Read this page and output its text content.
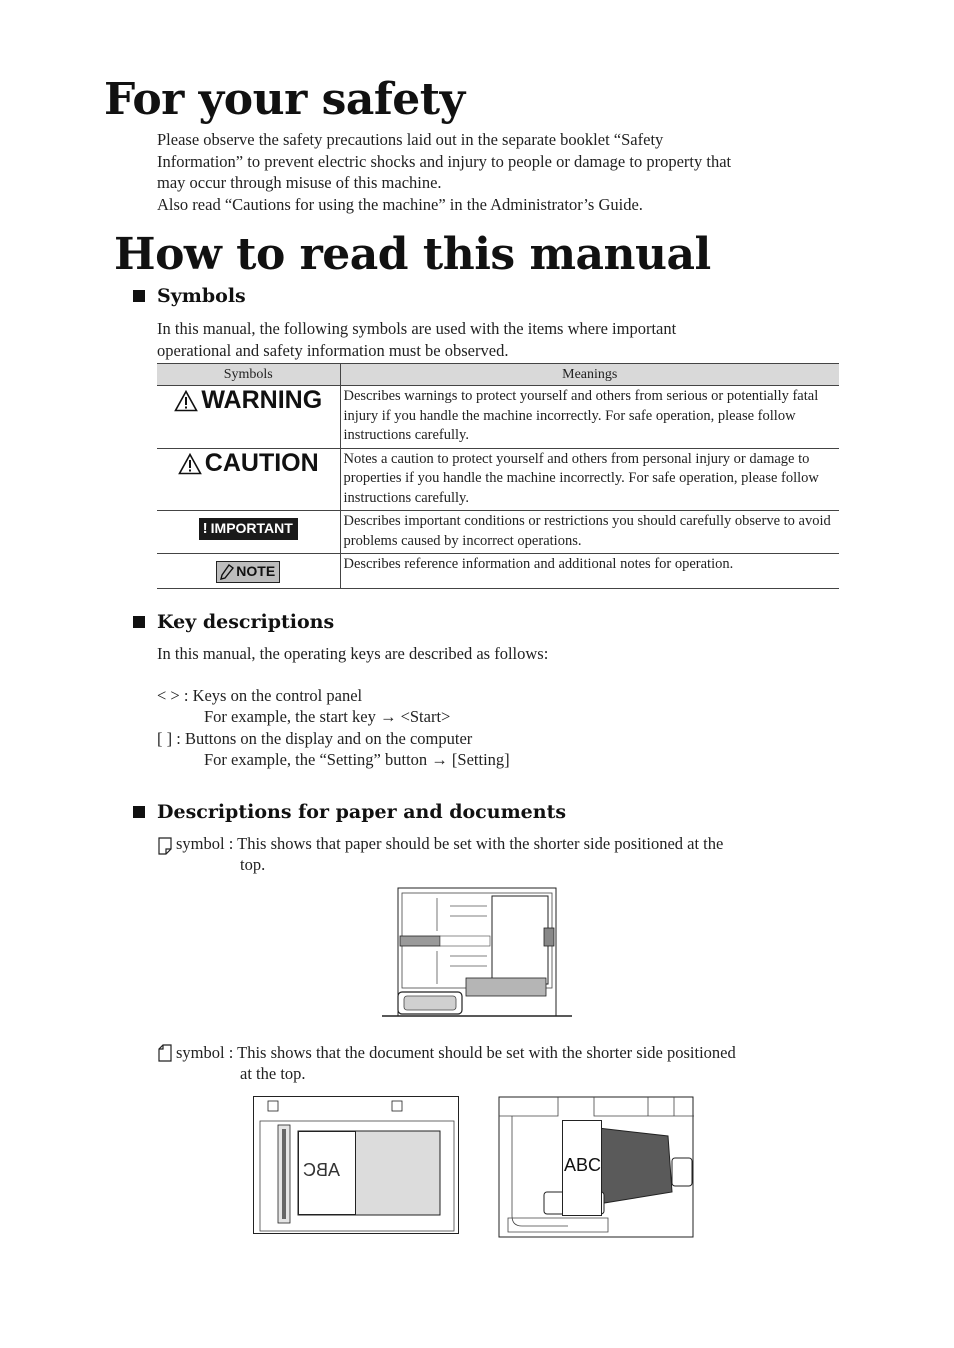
For your safety
Please observe the safety precautions laid out in the separate booklet “Safety
Information” to prevent electric shocks and injury to people or damage to property that
may occur through misuse of this machine.
Also read “Cautions for using the machine” in the Administrator’s Guide.
How to read this manual
Symbols
In this manual, the following symbols are used with the items where important
operational and safety information must be observed.
Symbols	Meanings

WARNING	Describes warnings to protect yourself and others from serious or potentially fatal injury if you handle the machine incorrectly. For safe operation, please follow instructions carefully.

CAUTION	Notes a caution to protect yourself and others from personal injury or damage to properties if you handle the machine incorrectly. For safe operation, please follow instructions carefully.

! IMPORTANT	Describes important conditions or restrictions you should carefully observe to avoid problems caused by incorrect operations.

NOTE	Describes reference information and additional notes for operation.
Key descriptions
In this manual, the operating keys are described as follows:
< > : Keys on the control panel
For example, the start key → <Start>
[ ] : Buttons on the display and on the computer
For example, the “Setting” button → [Setting]
Descriptions for paper and documents
symbol : This shows that paper should be set with the shorter side positioned at the
top.
symbol : This shows that the document should be set with the shorter side positioned
at the top.
ABC	ABC
